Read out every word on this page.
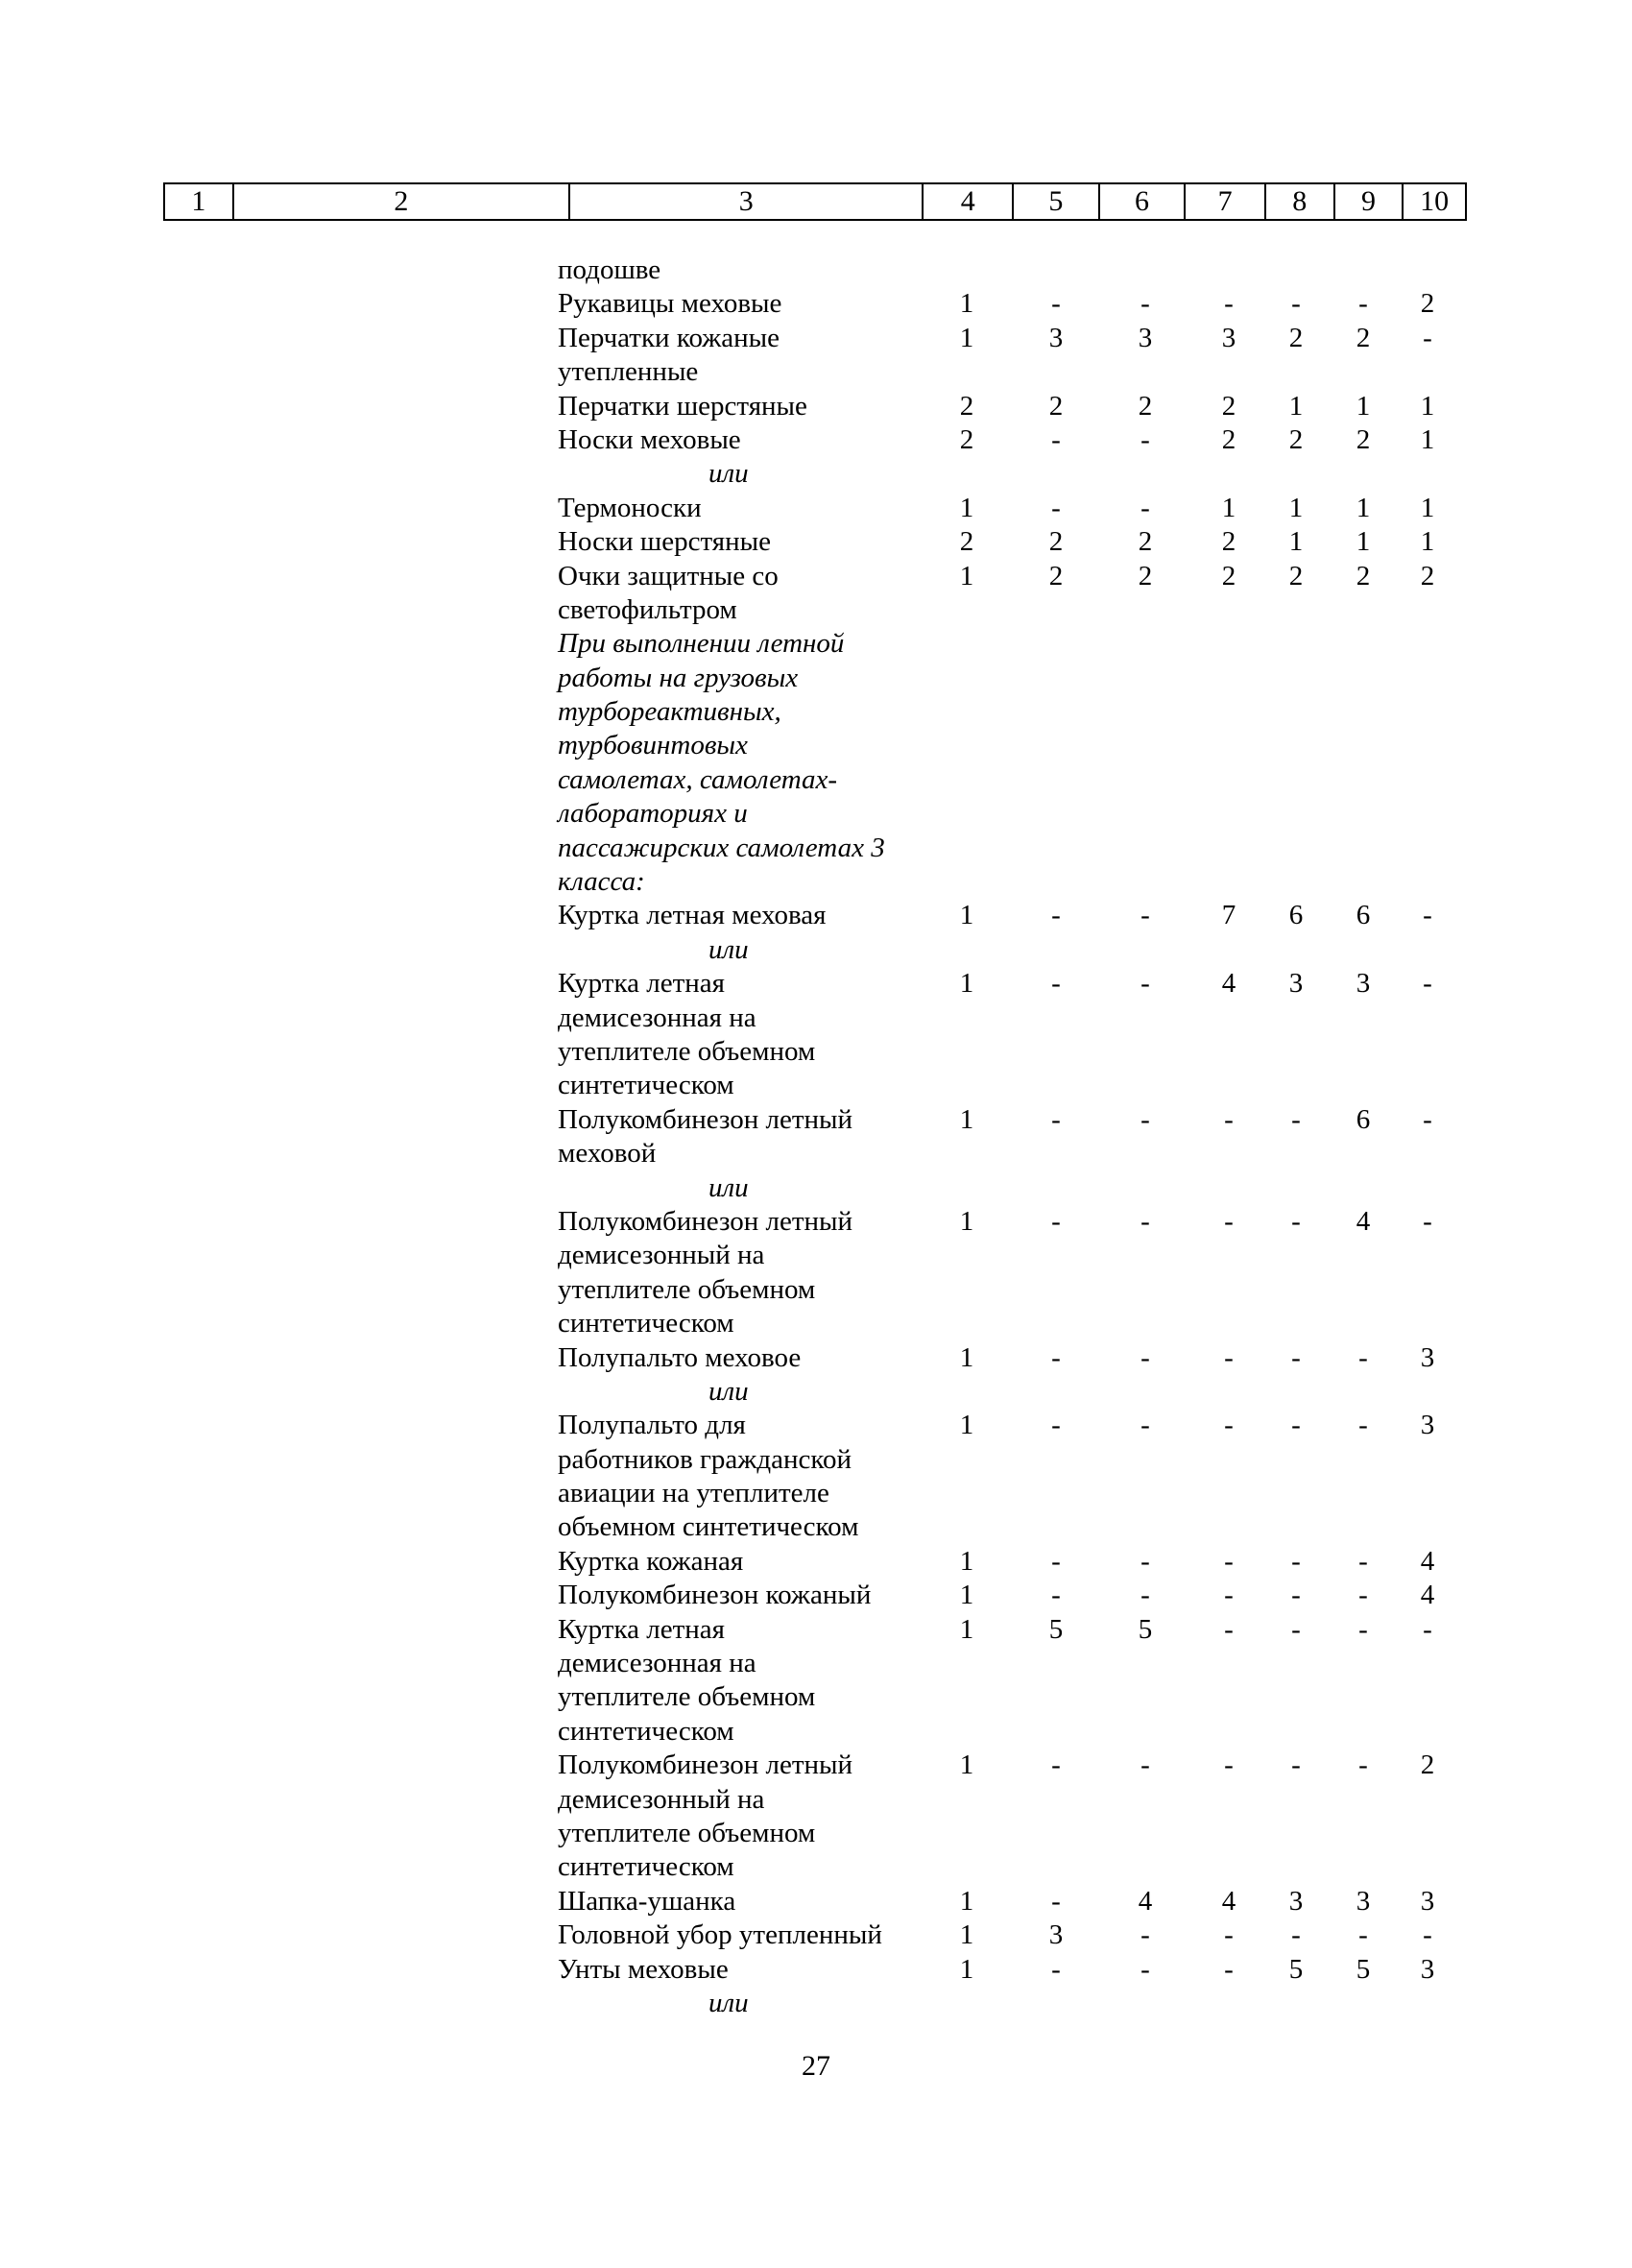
1	2	3	4	5	6	7	8	9	10
подошве
Рукавицы меховые	1	-	-	-	-	-	2
Перчатки кожаные	1	3	3	3	2	2	-
утепленные
Перчатки шерстяные	2	2	2	2	1	1	1
Носки меховые	2	-	-	2	2	2	1
или
Термоноски	1	-	-	1	1	1	1
Носки шерстяные	2	2	2	2	1	1	1
Очки защитные со	1	2	2	2	2	2	2
светофильтром
При выполнении летной
работы на грузовых
турбореактивных,
турбовинтовых
самолетах, самолетах-
лабораториях и
пассажирских самолетах 3
класса:
Куртка летная меховая	1	-	-	7	6	6	-
или
Куртка летная	1	-	-	4	3	3	-
демисезонная на
утеплителе объемном
синтетическом
Полукомбинезон летный	1	-	-	-	-	6	-
меховой
или
Полукомбинезон летный	1	-	-	-	-	4	-
демисезонный на
утеплителе объемном
синтетическом
Полупальто меховое	1	-	-	-	-	-	3
или
Полупальто для	1	-	-	-	-	-	3
работников гражданской
авиации на утеплителе
объемном синтетическом
Куртка кожаная	1	-	-	-	-	-	4
Полукомбинезон кожаный	1	-	-	-	-	-	4
Куртка летная	1	5	5	-	-	-	-
демисезонная на
утеплителе объемном
синтетическом
Полукомбинезон летный	1	-	-	-	-	-	2
демисезонный на
утеплителе объемном
синтетическом
Шапка-ушанка	1	-	4	4	3	3	3
Головной убор утепленный	1	3	-	-	-	-	-
Унты меховые	1	-	-	-	5	5	3
или
27
